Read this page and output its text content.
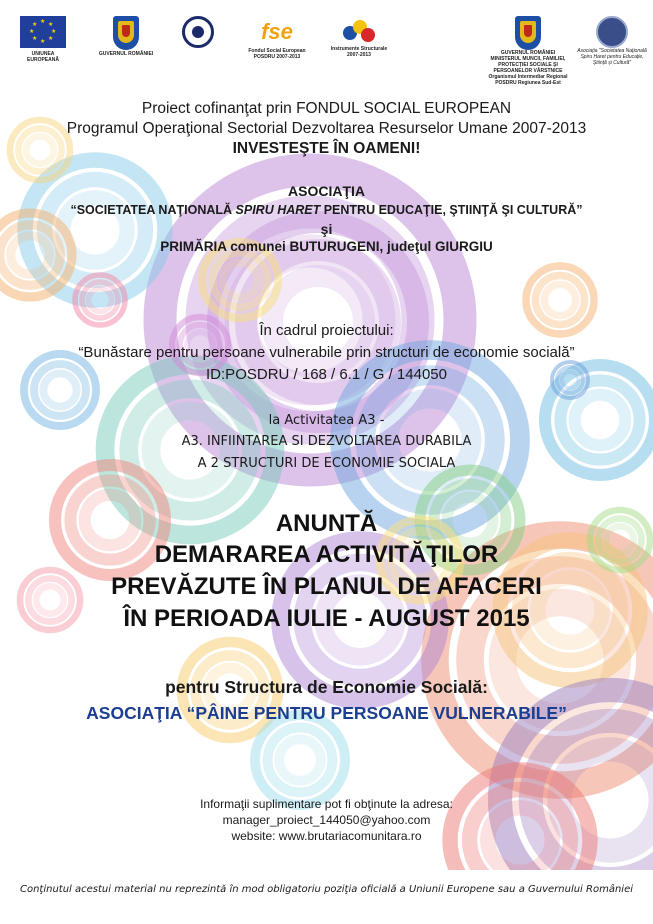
★ ★
★
★
★
★
★
★
UNIUNEA EUROPEANĂ
GUVERNUL ROMÂNIEI
fse
Fondul Social European
POSDRU 2007-2013
Instrumente Structurale
2007-2013	GUVERNUL ROMÂNIEI
MINISTERUL MUNCII, FAMILIEI,
PROTECȚIEI SOCIALE ȘI
PERSOANELOR VÂRSTNICE
Organismul Intermediar Regional
POSDRU Regiunea Sud-Est
Asociația "Societatea Națională
Spiru Haret pentru Educație,
Știință și Cultură"
Proiect cofinanţat prin FONDUL SOCIAL EUROPEAN
Programul Operaţional Sectorial Dezvoltarea Resurselor Umane 2007-2013
INVESTEŞTE ÎN OAMENI!
ASOCIAŢIA
“SOCIETATEA NAŢIONALĂ SPIRU HARET PENTRU EDUCAŢIE, ŞTIINŢĂ ŞI CULTURĂ”
şi
PRIMĂRIA comunei BUTURUGENI, judeţul GIURGIU
În cadrul proiectului:
“Bunăstare pentru persoane vulnerabile prin structuri de economie socială”
ID:POSDRU / 168 / 6.1 / G / 144050
la Activitatea A3 -
A3. INFIINTAREA SI DEZVOLTAREA DURABILA
A 2 STRUCTURI DE ECONOMIE SOCIALA
ANUNTĂ
DEMARAREA ACTIVITĂŢILOR
PREVĂZUTE ÎN PLANUL DE AFACERI
ÎN PERIOADA IULIE - AUGUST 2015
pentru Structura de Economie Socială:
ASOCIAŢIA “PÂINE PENTRU PERSOANE VULNERABILE”
Informaţii suplimentare pot fi obţinute la adresa:
manager_proiect_144050@yahoo.com
website: www.brutariacomunitara.ro
Conţinutul acestui material nu reprezintă în mod obligatoriu poziţia oficială a Uniunii Europene sau a Guvernului României
